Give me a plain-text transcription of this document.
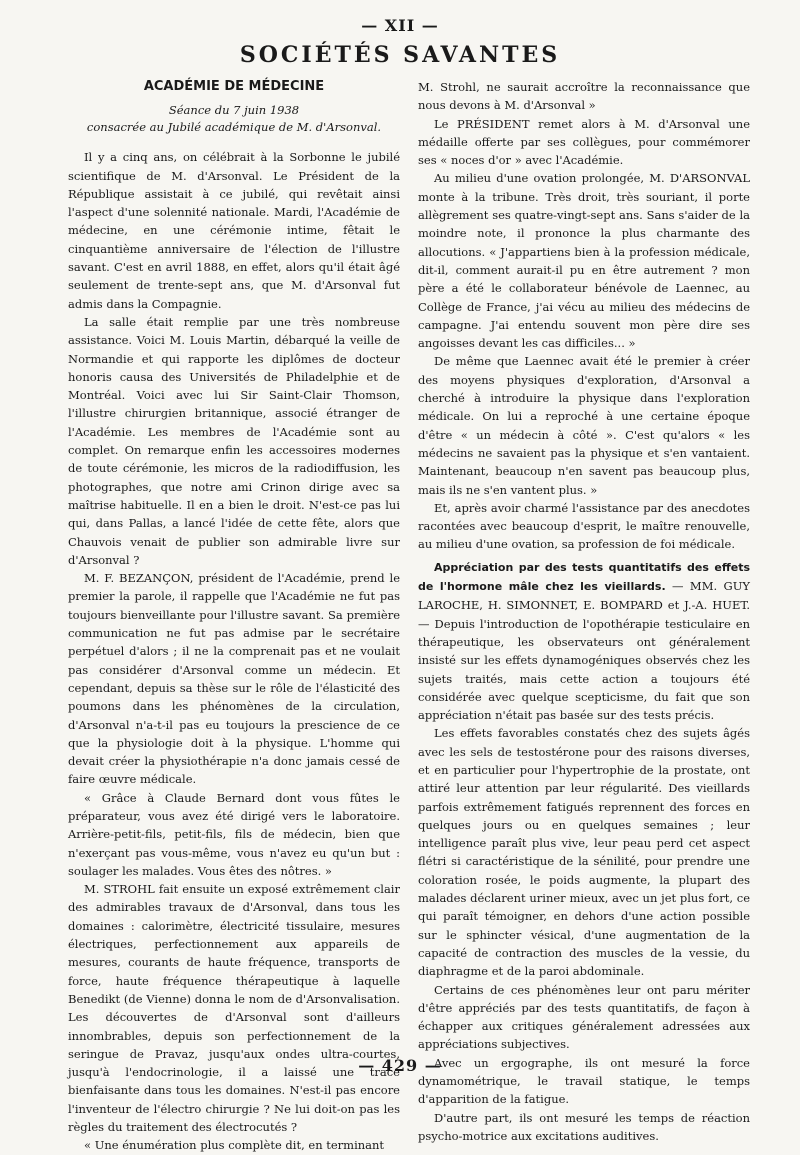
— XII —
SOCIÉTÉS SAVANTES
ACADÉMIE DE MÉDECINE
Séance du 7 juin 1938
consacrée au Jubilé académique de M. d'Arsonval.

Il y a cinq ans, on célébrait à la Sorbonne le jubilé scientifique de M. d'Arsonval. Le Président de la République assistait à ce jubilé, qui revêtait ainsi l'aspect d'une solennité nationale. Mardi, l'Académie de médecine, en une cérémonie intime, fêtait le cinquantième anniversaire de l'élection de l'illustre savant. C'est en avril 1888, en effet, alors qu'il était âgé seulement de trente-sept ans, que M. d'Arsonval fut admis dans la Compagnie.

La salle était remplie par une très nombreuse assistance. Voici M. Louis Martin, débarqué la veille de Normandie et qui rapporte les diplômes de docteur honoris causa des Universités de Philadelphie et de Montréal. Voici avec lui Sir Saint-Clair Thomson, l'illustre chirurgien britannique, associé étranger de l'Académie. Les membres de l'Académie sont au complet. On remarque enfin les accessoires modernes de toute cérémonie, les micros de la radiodiffusion, les photographes, que notre ami Crinon dirige avec sa maîtrise habituelle. Il en a bien le droit. N'est-ce pas lui qui, dans Pallas, a lancé l'idée de cette fête, alors que Chauvois venait de publier son admirable livre sur d'Arsonval ?

M. F. BEZANÇON, président de l'Académie, prend le premier la parole, il rappelle que l'Académie ne fut pas toujours bienveillante pour l'illustre savant. Sa première communication ne fut pas admise par le secrétaire perpétuel d'alors ; il ne la comprenait pas et ne voulait pas considérer d'Arsonval comme un médecin. Et cependant, depuis sa thèse sur le rôle de l'élasticité des poumons dans les phénomènes de la circulation, d'Arsonval n'a-t-il pas eu toujours la prescience de ce que la physiologie doit à la physique. L'homme qui devait créer la physiothérapie n'a donc jamais cessé de faire œuvre médicale.

« Grâce à Claude Bernard dont vous fûtes le préparateur, vous avez été dirigé vers le laboratoire. Arrière-petit-fils, petit-fils, fils de médecin, bien que n'exerçant pas vous-même, vous n'avez eu qu'un but : soulager les malades. Vous êtes des nôtres. »

M. STROHL fait ensuite un exposé extrêmement clair des admirables travaux de d'Arsonval, dans tous les domaines : calorimètre, électricité tissulaire, mesures électriques, perfectionnement aux appareils de mesures, courants de haute fréquence, transports de force, haute fréquence thérapeutique à laquelle Benedikt (de Vienne) donna le nom de d'Arsonvalisation. Les découvertes de d'Arsonval sont d'ailleurs innombrables, depuis son perfectionnement de la seringue de Pravaz, jusqu'aux ondes ultra-courtes, jusqu'à l'endocrinologie, il a laissé une trace bienfaisante dans tous les domaines. N'est-il pas encore l'inventeur de l'électro chirurgie ? Ne lui doit-on pas les règles du traitement des électrocutés ?

« Une énumération plus complète dit, en terminant

M. Strohl, ne saurait accroître la reconnaissance que nous devons à M. d'Arsonval »

Le PRÉSIDENT remet alors à M. d'Arsonval une médaille offerte par ses collègues, pour commémorer ses « noces d'or » avec l'Académie.

Au milieu d'une ovation prolongée, M. D'ARSONVAL monte à la tribune. Très droit, très souriant, il porte allègrement ses quatre-vingt-sept ans. Sans s'aider de la moindre note, il prononce la plus charmante des allocutions. « J'appartiens bien à la profession médicale, dit-il, comment aurait-il pu en être autrement ? mon père a été le collaborateur bénévole de Laennec, au Collège de France, j'ai vécu au milieu des médecins de campagne. J'ai entendu souvent mon père dire ses angoisses devant les cas difficiles... »

De même que Laennec avait été le premier à créer des moyens physiques d'exploration, d'Arsonval a cherché à introduire la physique dans l'exploration médicale. On lui a reproché à une certaine époque d'être « un médecin à côté ». C'est qu'alors « les médecins ne savaient pas la physique et s'en vantaient. Maintenant, beaucoup n'en savent pas beaucoup plus, mais ils ne s'en vantent plus. »

Et, après avoir charmé l'assistance par des anecdotes racontées avec beaucoup d'esprit, le maître renouvelle, au milieu d'une ovation, sa profession de foi médicale.

Appréciation par des tests quantitatifs des effets de l'hormone mâle chez les vieillards. — MM. GUY LAROCHE, H. SIMONNET, E. BOMPARD et J.-A. HUET. — Depuis l'introduction de l'opothérapie testiculaire en thérapeutique, les observateurs ont généralement insisté sur les effets dynamogéniques observés chez les sujets traités, mais cette action a toujours été considérée avec quelque scepticisme, du fait que son appréciation n'était pas basée sur des tests précis.

Les effets favorables constatés chez des sujets âgés avec les sels de testostérone pour des raisons diverses, et en particulier pour l'hypertrophie de la prostate, ont attiré leur attention par leur régularité. Des vieillards parfois extrêmement fatigués reprennent des forces en quelques jours ou en quelques semaines ; leur intelligence paraît plus vive, leur peau perd cet aspect flétri si caractéristique de la sénilité, pour prendre une coloration rosée, le poids augmente, la plupart des malades déclarent uriner mieux, avec un jet plus fort, ce qui paraît témoigner, en dehors d'une action possible sur le sphincter vésical, d'une augmentation de la capacité de contraction des muscles de la vessie, du diaphragme et de la paroi abdominale.

Certains de ces phénomènes leur ont paru mériter d'être appréciés par des tests quantitatifs, de façon à échapper aux critiques généralement adressées aux appréciations subjectives.

Avec un ergographe, ils ont mesuré la force dynamométrique, le travail statique, le temps d'apparition de la fatigue.

D'autre part, ils ont mesuré les temps de réaction psycho-motrice aux excitations auditives.

— 429 —
